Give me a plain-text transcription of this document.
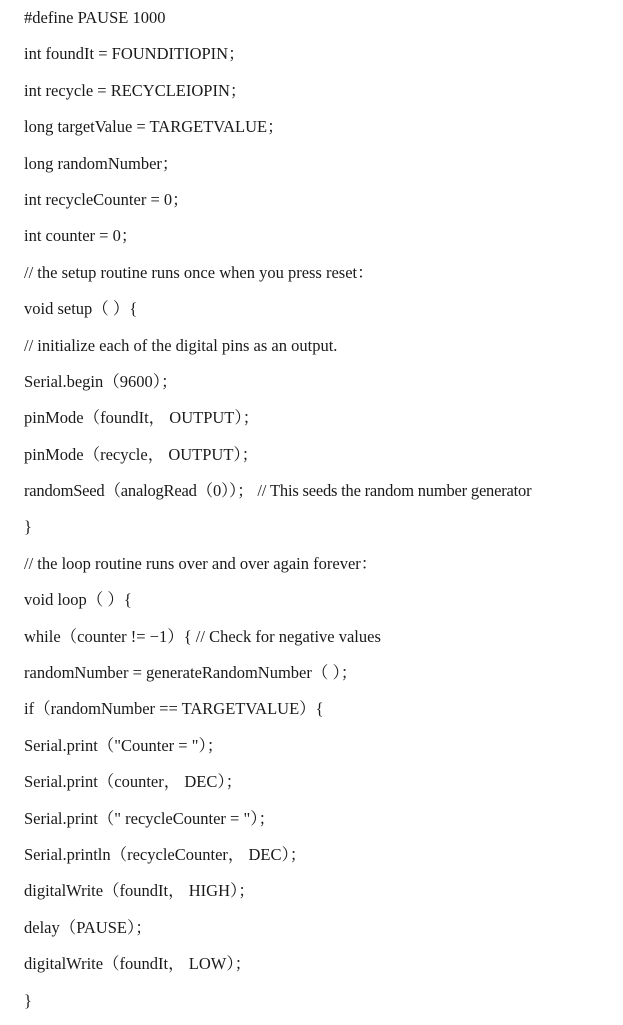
#define PAUSE 1000
int foundIt = FOUNDITIOPIN；
int recycle = RECYCLEIOPIN；
long targetValue = TARGETVALUE；
long randomNumber；
int recycleCounter = 0；
int counter = 0；
// the setup routine runs once when you press reset：
void setup（ ）{
// initialize each of the digital pins as an output.
Serial.begin（9600）；
pinMode（foundIt， OUTPUT）；
pinMode（recycle， OUTPUT）；
randomSeed（analogRead（0））； // This seeds the random number generator
}
// the loop routine runs over and over again forever：
void loop（ ）{
while（counter != −1）{ // Check for negative values
randomNumber = generateRandomNumber（ ）；
if（randomNumber == TARGETVALUE）{
Serial.print（"Counter = "）；
Serial.print（counter， DEC）；
Serial.print（" recycleCounter = "）；
Serial.println（recycleCounter， DEC）；
digitalWrite（foundIt， HIGH）；
delay（PAUSE）；
digitalWrite（foundIt， LOW）；
}
